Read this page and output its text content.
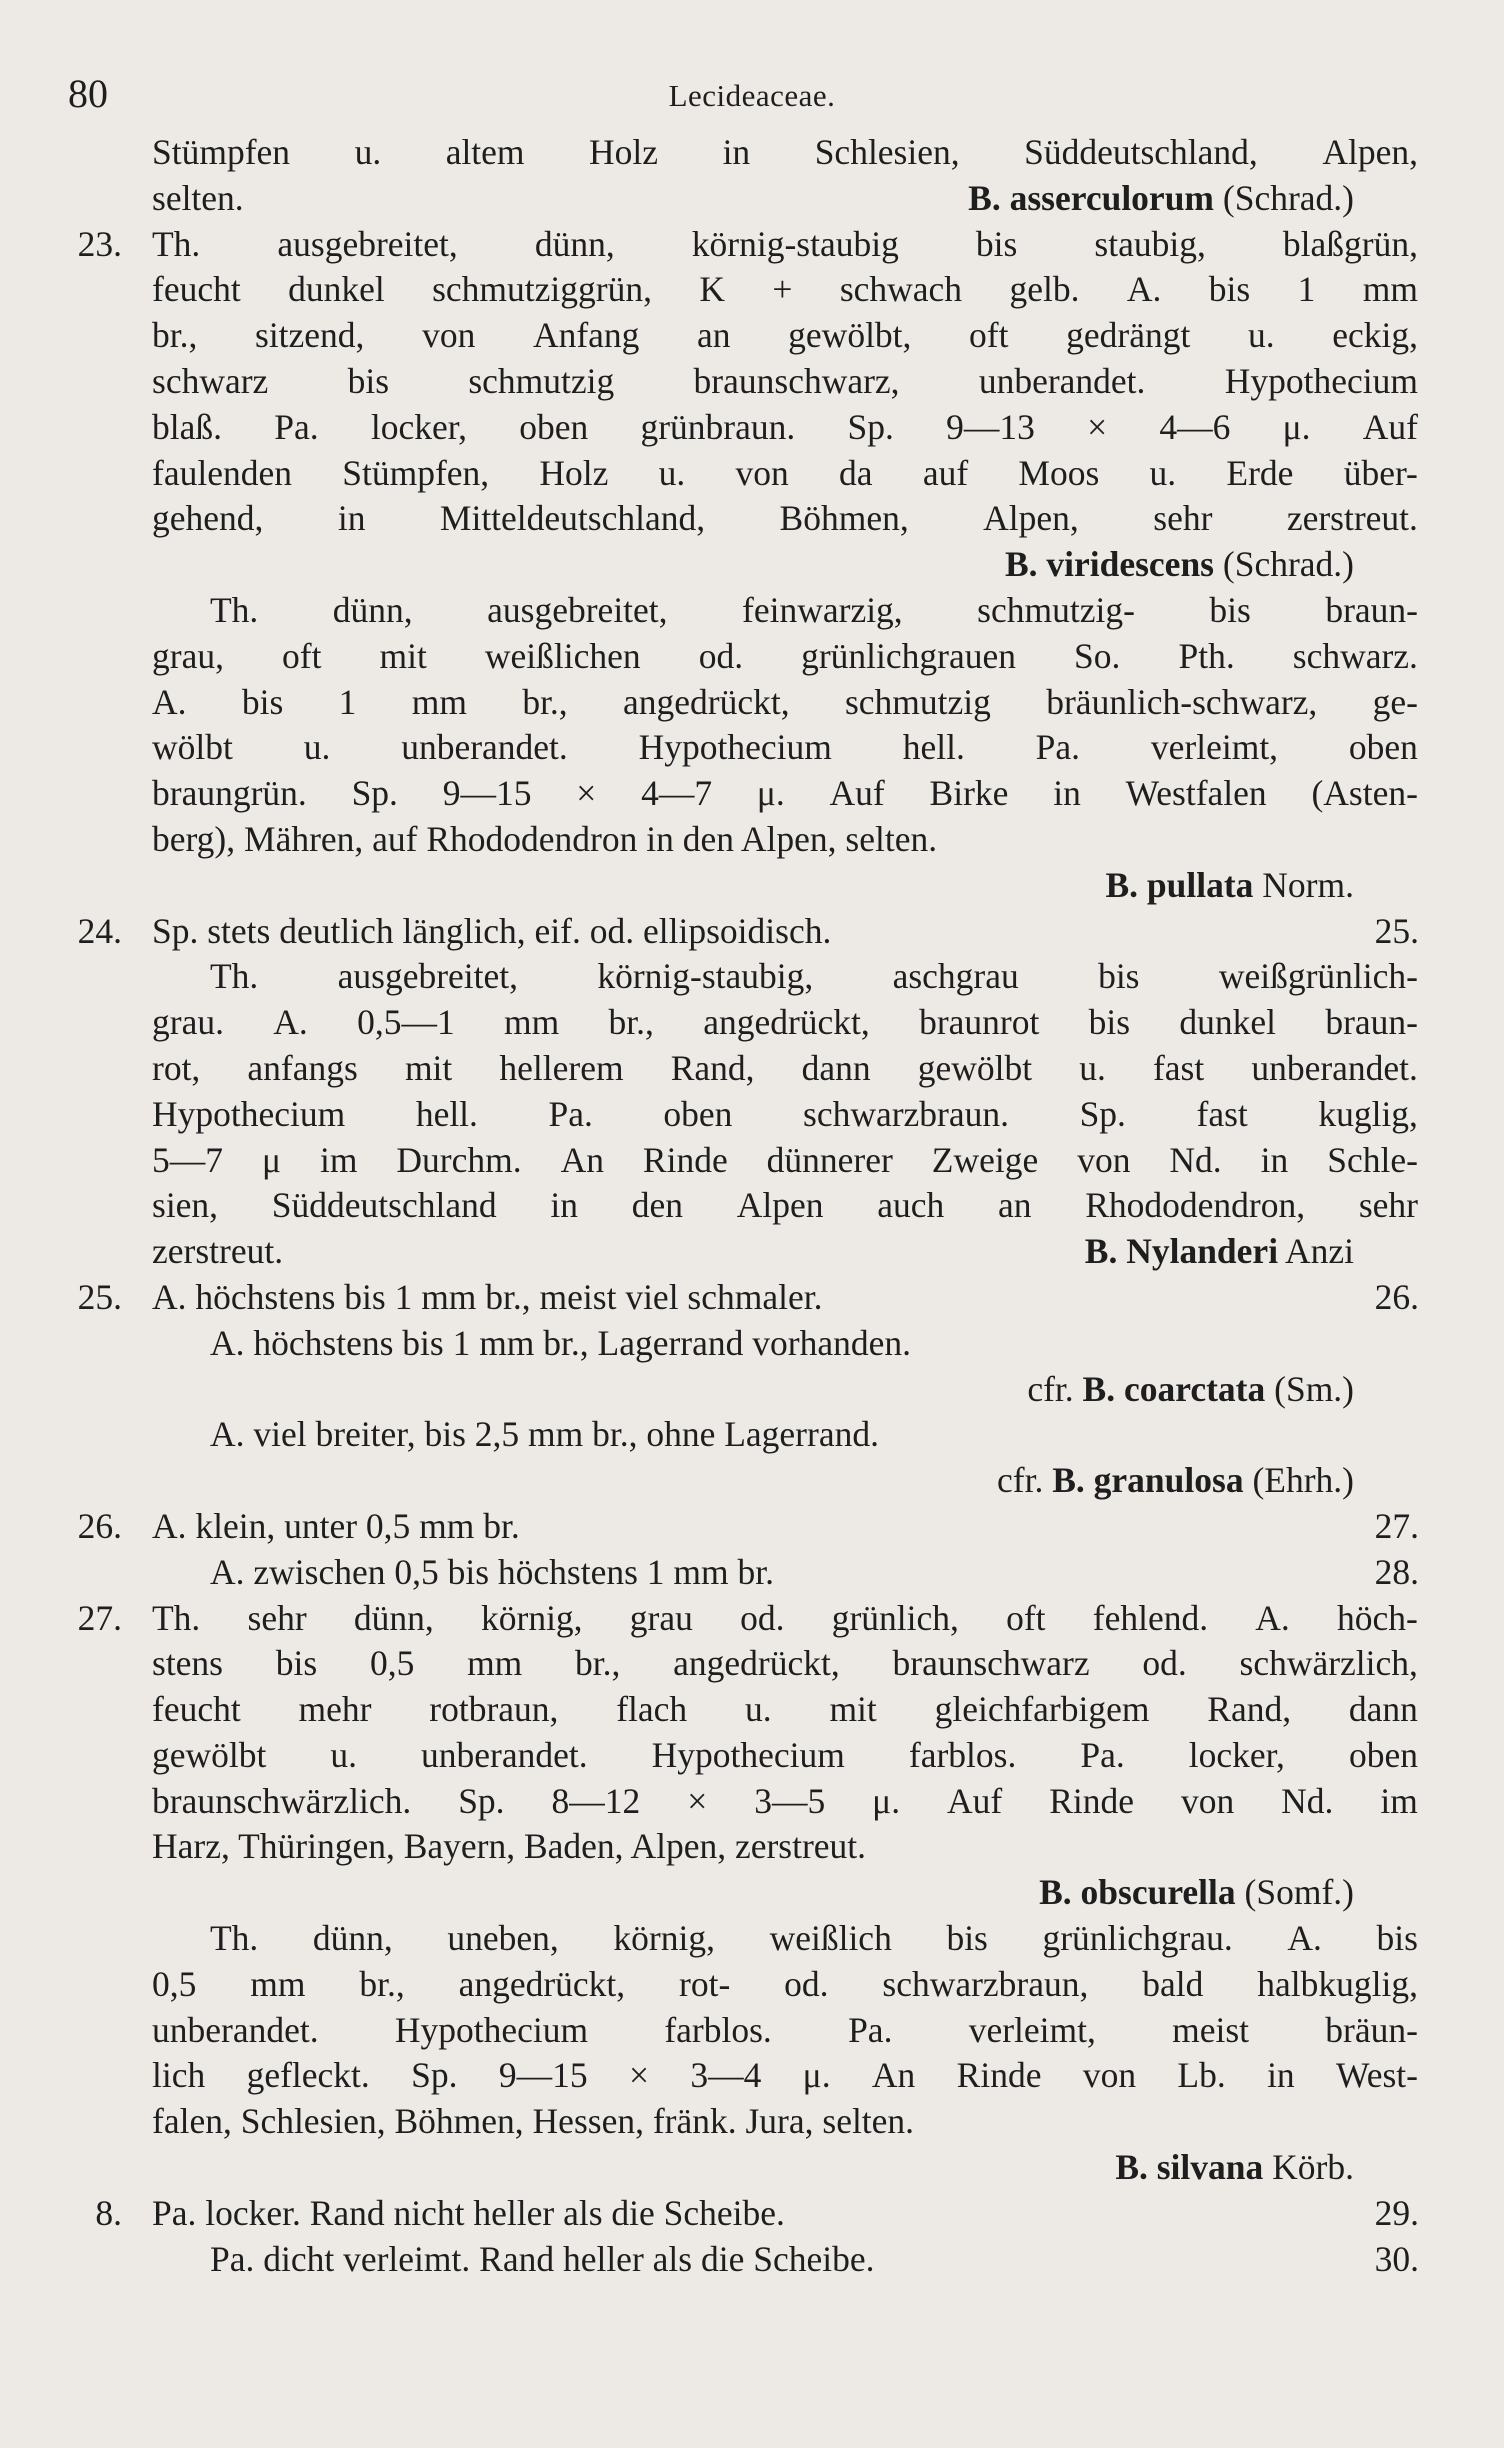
80	Lecideaceae.
Stümpfen u. altem Holz in Schlesien, Süddeutschland, Alpen,
selten.	B. asserculorum (Schrad.)
23. Th. ausgebreitet, dünn, körnig-staubig bis staubig, blaßgrün,
feucht dunkel schmutziggrün, K + schwach gelb. A. bis 1 mm
br., sitzend, von Anfang an gewölbt, oft gedrängt u. eckig,
schwarz bis schmutzig braunschwarz, unberandet. Hypothecium
blaß. Pa. locker, oben grünbraun. Sp. 9—13 × 4—6 μ. Auf
faulenden Stümpfen, Holz u. von da auf Moos u. Erde über-
gehend, in Mitteldeutschland, Böhmen, Alpen, sehr zerstreut.
B. viridescens (Schrad.)
Th. dünn, ausgebreitet, feinwarzig, schmutzig- bis braun-
grau, oft mit weißlichen od. grünlichgrauen So. Pth. schwarz.
A. bis 1 mm br., angedrückt, schmutzig bräunlich-schwarz, ge-
wölbt u. unberandet. Hypothecium hell. Pa. verleimt, oben
braungrün. Sp. 9—15 × 4—7 μ. Auf Birke in Westfalen (Asten-
berg), Mähren, auf Rhododendron in den Alpen, selten.
B. pullata Norm.
24. Sp. stets deutlich länglich, eif. od. ellipsoidisch.	25.
Th. ausgebreitet, körnig-staubig, aschgrau bis weißgrünlich-
grau. A. 0,5—1 mm br., angedrückt, braunrot bis dunkel braun-
rot, anfangs mit hellerem Rand, dann gewölbt u. fast unberandet.
Hypothecium hell. Pa. oben schwarzbraun. Sp. fast kuglig,
5—7 μ im Durchm. An Rinde dünnerer Zweige von Nd. in Schle-
sien, Süddeutschland in den Alpen auch an Rhododendron, sehr
zerstreut.	B. Nylanderi Anzi
25. A. höchstens bis 1 mm br., meist viel schmaler.	26.
A. höchstens bis 1 mm br., Lagerrand vorhanden.
cfr. B. coarctata (Sm.)
A. viel breiter, bis 2,5 mm br., ohne Lagerrand.
cfr. B. granulosa (Ehrh.)
26. A. klein, unter 0,5 mm br.	27.
A. zwischen 0,5 bis höchstens 1 mm br.	28.
27. Th. sehr dünn, körnig, grau od. grünlich, oft fehlend. A. höch-
stens bis 0,5 mm br., angedrückt, braunschwarz od. schwärzlich,
feucht mehr rotbraun, flach u. mit gleichfarbigem Rand, dann
gewölbt u. unberandet. Hypothecium farblos. Pa. locker, oben
braunschwärzlich. Sp. 8—12 × 3—5 μ. Auf Rinde von Nd. im
Harz, Thüringen, Bayern, Baden, Alpen, zerstreut.
B. obscurella (Somf.)
Th. dünn, uneben, körnig, weißlich bis grünlichgrau. A. bis
0,5 mm br., angedrückt, rot- od. schwarzbraun, bald halbkuglig,
unberandet. Hypothecium farblos. Pa. verleimt, meist bräun-
lich gefleckt. Sp. 9—15 × 3—4 μ. An Rinde von Lb. in West-
falen, Schlesien, Böhmen, Hessen, fränk. Jura, selten.
B. silvana Körb.
8. Pa. locker. Rand nicht heller als die Scheibe.	29.
Pa. dicht verleimt. Rand heller als die Scheibe.	30.
